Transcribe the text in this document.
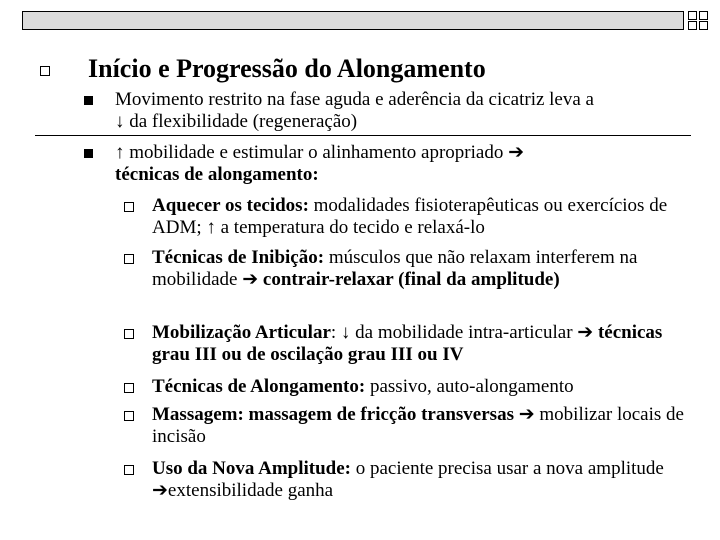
Início e Progressão do Alongamento
Movimento restrito na fase aguda e aderência da cicatriz leva a
↓ da flexibilidade (regeneração)
↑ mobilidade e estimular o alinhamento apropriado ➔
técnicas de alongamento:
Aquecer os tecidos: modalidades fisioterapêuticas ou exercícios de ADM; ↑ a temperatura do tecido e relaxá-lo
Técnicas de Inibição: músculos que não relaxam interferem na mobilidade ➔ contrair-relaxar (final da amplitude)
Mobilização Articular: ↓ da mobilidade intra-articular ➔ técnicas grau III ou de oscilação grau III ou IV
Técnicas de Alongamento: passivo, auto-alongamento
Massagem: massagem de fricção transversas ➔ mobilizar locais de incisão
Uso da Nova Amplitude: o paciente precisa usar a nova amplitude ➔extensibilidade ganha
